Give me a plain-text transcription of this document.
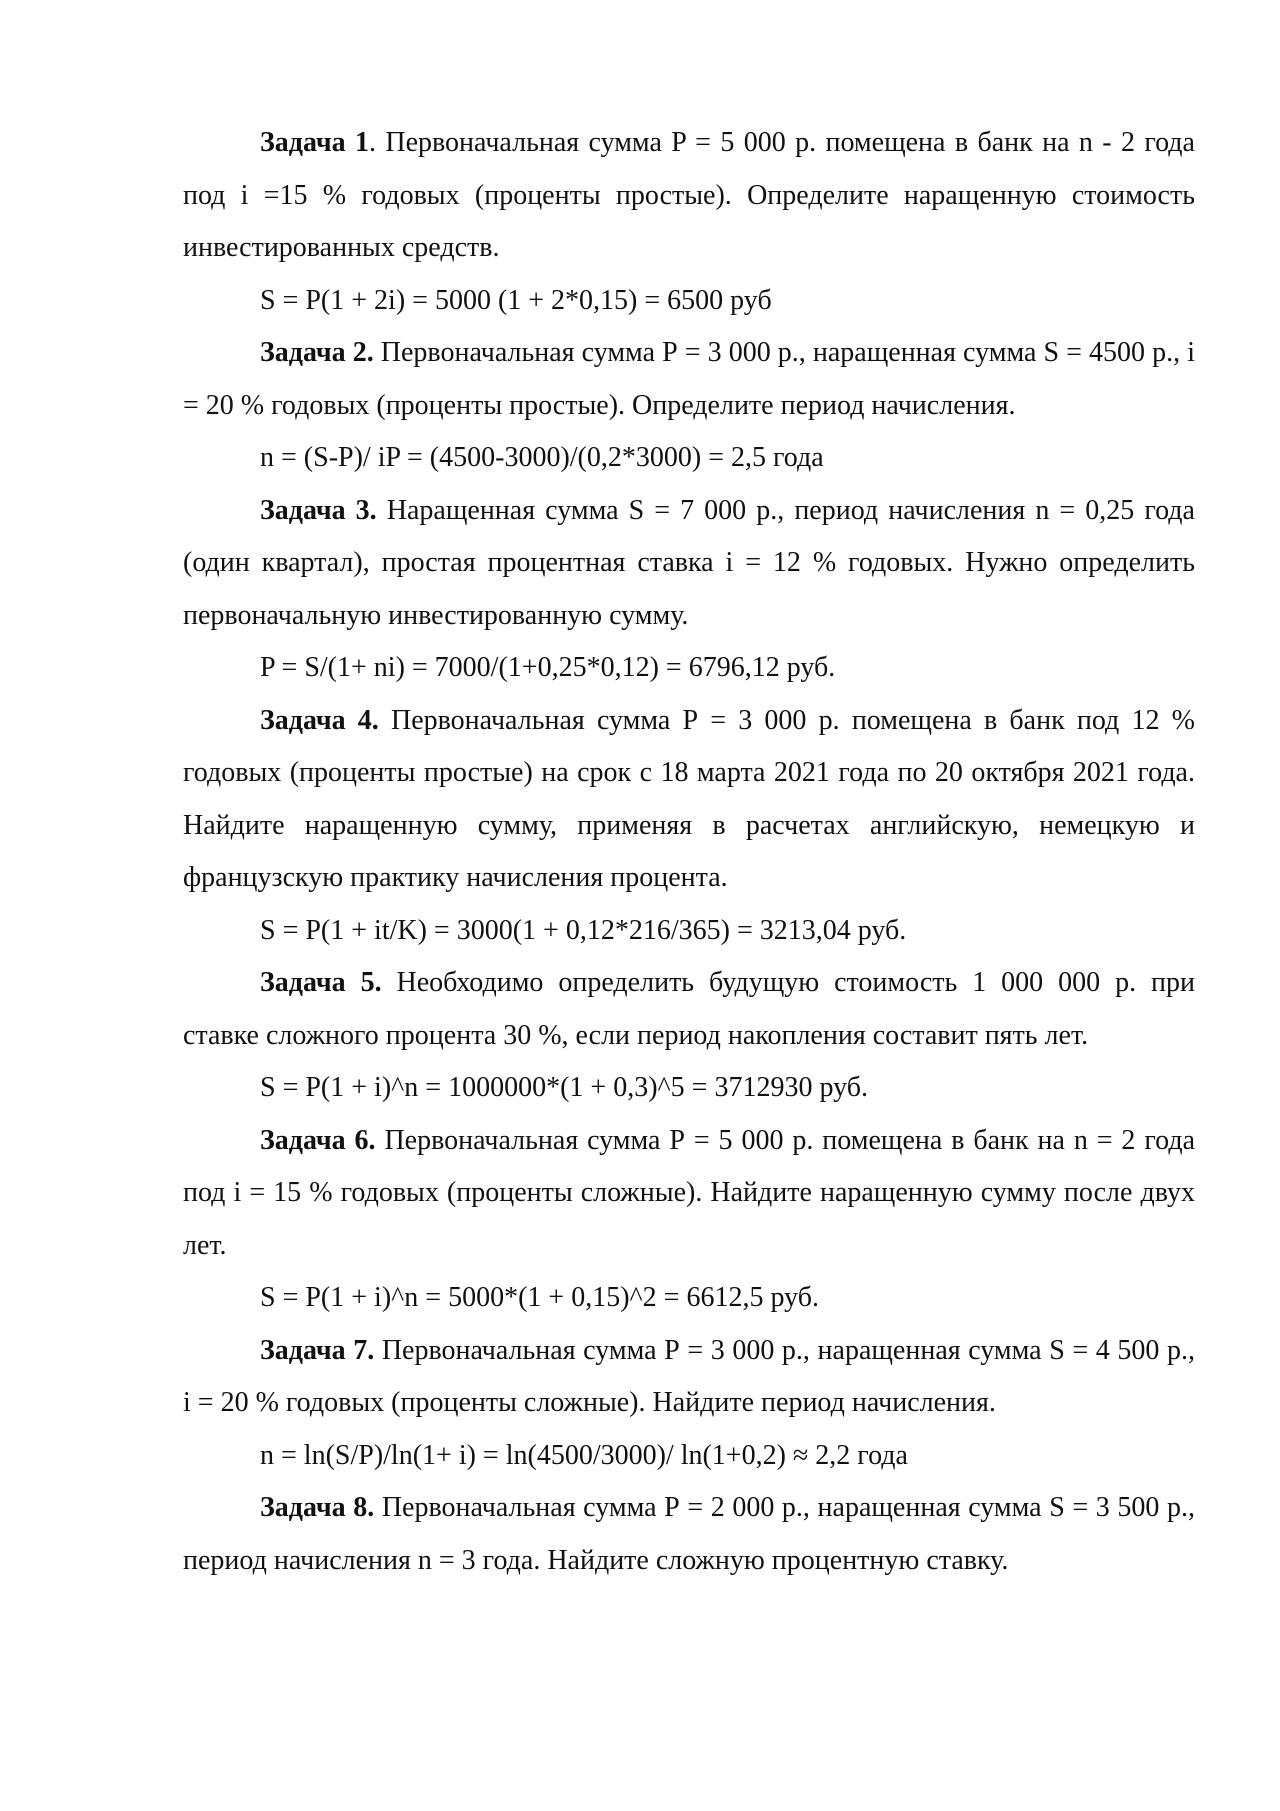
Задача 1. Первоначальная сумма P = 5 000 р. помещена в банк на n - 2 года под i =15 % годовых (проценты простые). Определите наращенную стоимость инвестированных средств.

S = P(1 + 2i) = 5000 (1 + 2*0,15) = 6500 руб

Задача 2. Первоначальная сумма Р = 3 000 р., наращенная сумма S = 4500 р., i = 20 % годовых (проценты простые). Определите период начисления.

n = (S-P)/ iP = (4500-3000)/(0,2*3000) = 2,5 года

Задача 3. Наращенная сумма S = 7 000 р., период начисления n = 0,25 года (один квартал), простая процентная ставка i = 12 % годовых. Нужно определить первоначальную инвестированную сумму.

P = S/(1+ ni) = 7000/(1+0,25*0,12) = 6796,12 руб.

Задача 4. Первоначальная сумма Р = 3 000 р. помещена в банк под 12 % годовых (проценты простые) на срок с 18 марта 2021 года по 20 октября 2021 года. Найдите наращенную сумму, применяя в расчетах английскую, немецкую и французскую практику начисления процента.

S = P(1 + it/K) = 3000(1 + 0,12*216/365) = 3213,04 руб.

Задача 5. Необходимо определить будущую стоимость 1 000 000 р. при ставке сложного процента 30 %, если период накопления составит пять лет.

S = P(1 + i)^n = 1000000*(1 + 0,3)^5 = 3712930 руб.

Задача 6. Первоначальная сумма Р = 5 000 р. помещена в банк на n = 2 года под i = 15 % годовых (проценты сложные). Найдите наращенную сумму после двух лет.

S = P(1 + i)^n = 5000*(1 + 0,15)^2 = 6612,5 руб.

Задача 7. Первоначальная сумма Р = 3 000 р., наращенная сумма S = 4 500 р., i = 20 % годовых (проценты сложные). Найдите период начисления.

n = ln(S/P)/ln(1+ i) = ln(4500/3000)/ ln(1+0,2) ≈ 2,2 года

Задача 8. Первоначальная сумма Р = 2 000 р., наращенная сумма S = 3 500 р., период начисления n = 3 года. Найдите сложную процентную ставку.
